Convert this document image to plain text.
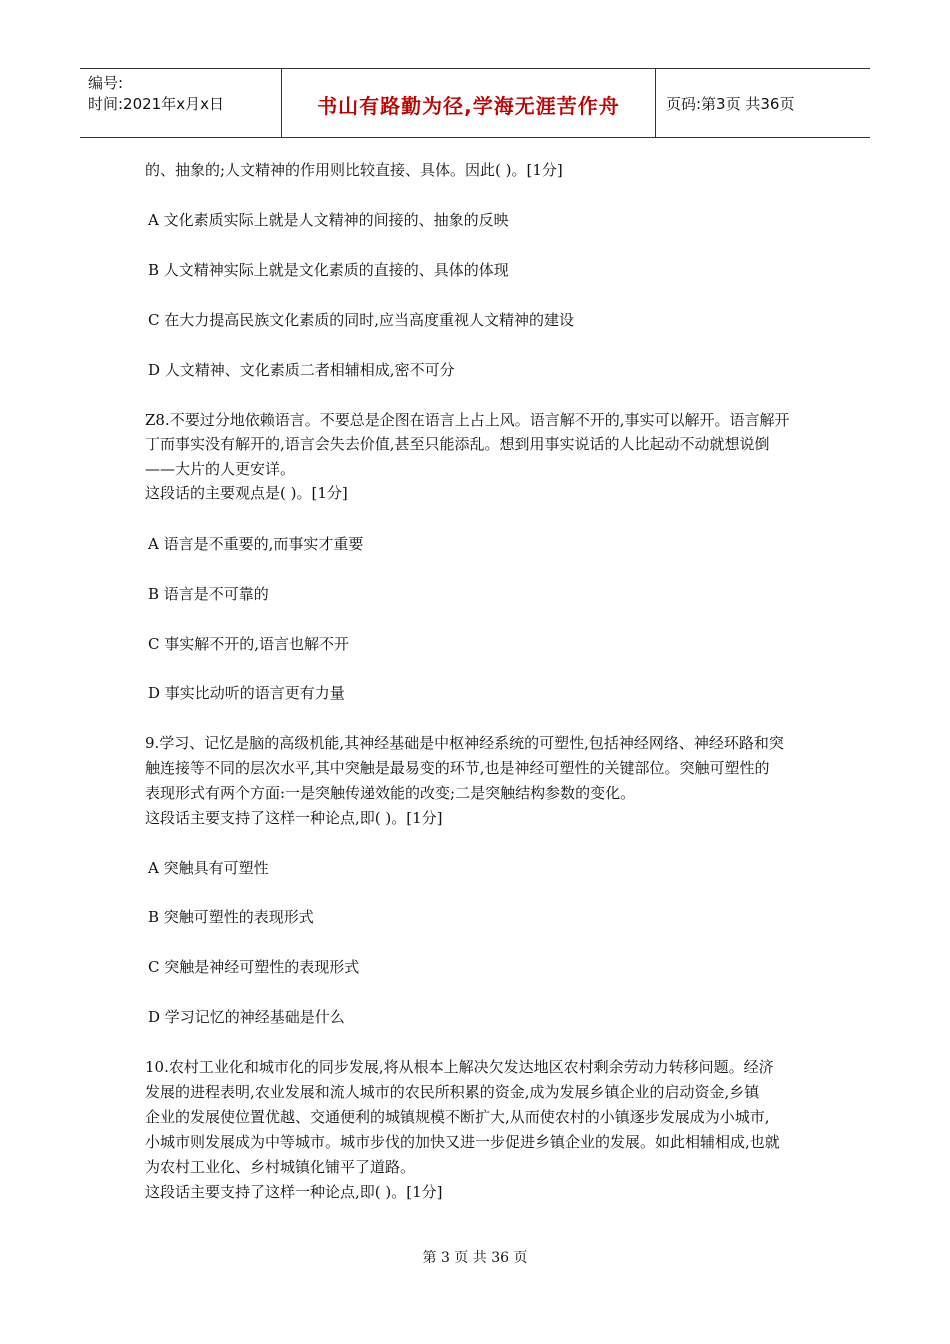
编号:
时间:2021年x月x日	书山有路勤为径,学海无涯苦作舟	页码:第3页 共36页
的、抽象的;人文精神的作用则比较直接、具体。因此( )。[1分]
A 文化素质实际上就是人文精神的间接的、抽象的反映
B 人文精神实际上就是文化素质的直接的、具体的体现
C 在大力提高民族文化素质的同时,应当高度重视人文精神的建设
D 人文精神、文化素质二者相辅相成,密不可分
Z8.不要过分地依赖语言。不要总是企图在语言上占上风。语言解不开的,事实可以解开。语言解开
丁而事实没有解开的,语言会失去价值,甚至只能添乱。想到用事实说话的人比起动不动就想说倒
——大片的人更安详。
这段话的主要观点是( )。[1分]
A 语言是不重要的,而事实才重要
B 语言是不可靠的
C 事实解不开的,语言也解不开
D 事实比动听的语言更有力量
9.学习、记忆是脑的高级机能,其神经基础是中枢神经系统的可塑性,包括神经网络、神经环路和突
触连接等不同的层次水平,其中突触是最易变的环节,也是神经可塑性的关键部位。突触可塑性的
表现形式有两个方面:一是突触传递效能的改变;二是突触结构参数的变化。
这段话主要支持了这样一种论点,即( )。[1分]
A 突触具有可塑性
B 突触可塑性的表现形式
C 突触是神经可塑性的表现形式
D 学习记忆的神经基础是什么
10.农村工业化和城市化的同步发展,将从根本上解决欠发达地区农村剩余劳动力转移问题。经济
发展的进程表明,农业发展和流人城市的农民所积累的资金,成为发展乡镇企业的启动资金,乡镇
企业的发展使位置优越、交通便利的城镇规模不断扩大,从而使农村的小镇逐步发展成为小城市,
小城市则发展成为中等城市。城市步伐的加快又进一步促进乡镇企业的发展。如此相辅相成,也就
为农村工业化、乡村城镇化铺平了道路。
这段话主要支持了这样一种论点,即( )。[1分]
第 3 页 共 36 页
